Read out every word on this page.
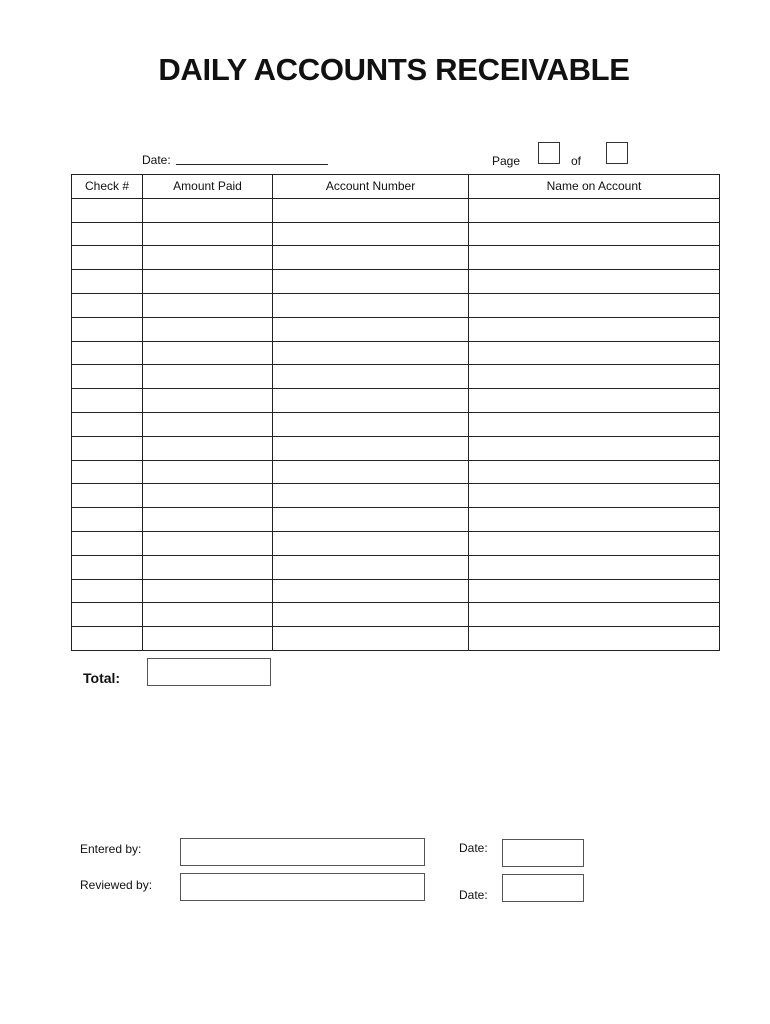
DAILY ACCOUNTS RECEIVABLE
Date:	Page	of
Check #	Amount Paid	Account Number	Name on Account

Total:
Entered by:
Reviewed by:
Date:
Date:
